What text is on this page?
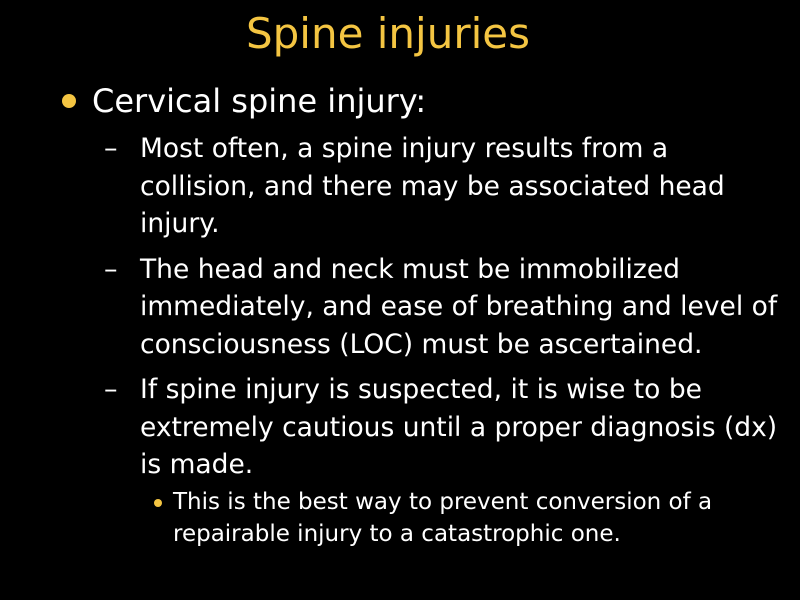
Spine injuries
Cervical spine injury:
– Most often, a spine injury results from a collision, and there may be associated head injury.
– The head and neck must be immobilized immediately, and ease of breathing and level of consciousness (LOC) must be ascertained.
– If spine injury is suspected, it is wise to be extremely cautious until a proper diagnosis (dx) is made.
This is the best way to prevent conversion of a repairable injury to a catastrophic one.
